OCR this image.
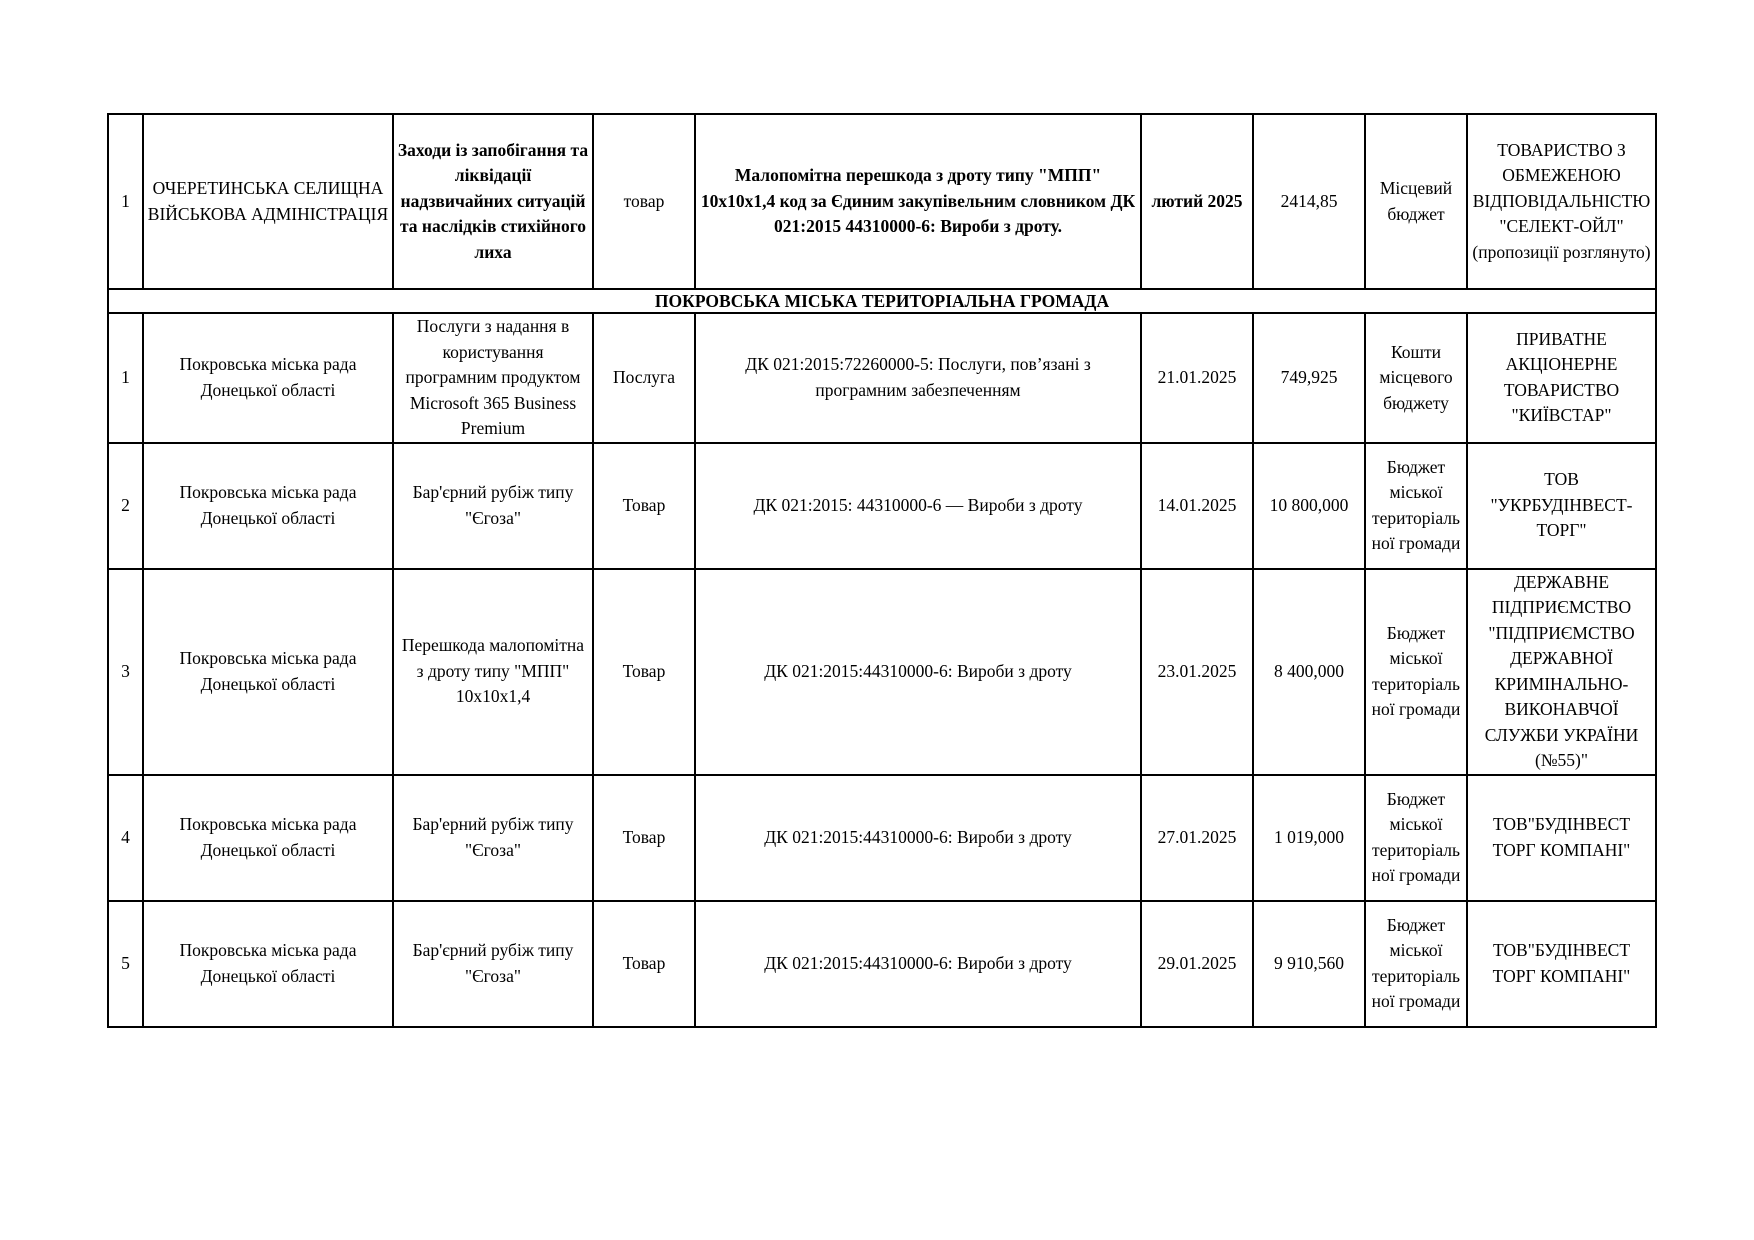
1	ОЧЕРЕТИНСЬКА СЕЛИЩНА ВІЙСЬКОВА АДМІНІСТРАЦІЯ	Заходи із запобігання та ліквідації надзвичайних ситуацій та наслідків стихійного лиха	товар	Малопомітна перешкода з дроту типу "МПП" 10х10х1,4 код за Єдиним закупівельним словником ДК 021:2015 44310000-6: Вироби з дроту.	лютий 2025	2414,85	Місцевий бюджет	ТОВАРИСТВО З ОБМЕЖЕНОЮ ВІДПОВІДАЛЬНІСТЮ "СЕЛЕКТ-ОЙЛ" (пропозиції розглянуто)
ПОКРОВСЬКА МІСЬКА ТЕРИТОРІАЛЬНА ГРОМАДА								
1	Покровська міська рада Донецької області	Послуги з надання в користування програмним продуктом Microsoft 365 Business Premium	Послуга	ДК 021:2015:72260000-5: Послуги, пов’язані з програмним забезпеченням	21.01.2025	749,925	Кошти місцевого бюджету	ПРИВАТНЕ АКЦІОНЕРНЕ ТОВАРИСТВО "КИЇВСТАР"
2	Покровська міська рада Донецької області	Бар'єрний рубіж типу "Єгоза"	Товар	ДК 021:2015: 44310000-6 — Вироби з дроту	14.01.2025	10 800,000	Бюджет міської територіальної громади	ТОВ "УКРБУДІНВЕСТ-ТОРГ"
3	Покровська міська рада Донецької області	Перешкода малопомітна з дроту типу "МПП" 10х10х1,4	Товар	ДК 021:2015:44310000-6: Вироби з дроту	23.01.2025	8 400,000	Бюджет міської територіальної громади	ДЕРЖАВНЕ ПІДПРИЄМСТВО "ПІДПРИЄМСТВО ДЕРЖАВНОЇ КРИМІНАЛЬНО-ВИКОНАВЧОЇ СЛУЖБИ УКРАЇНИ (№55)"
4	Покровська міська рада Донецької області	Бар'ерний рубіж типу "Єгоза"	Товар	ДК 021:2015:44310000-6: Вироби з дроту	27.01.2025	1 019,000	Бюджет міської територіальної громади	ТОВ"БУДІНВЕСТ ТОРГ КОМПАНІ"
5	Покровська міська рада Донецької області	Бар'єрний рубіж типу "Єгоза"	Товар	ДК 021:2015:44310000-6: Вироби з дроту	29.01.2025	9 910,560	Бюджет міської територіальної громади	ТОВ"БУДІНВЕСТ ТОРГ КОМПАНІ"
